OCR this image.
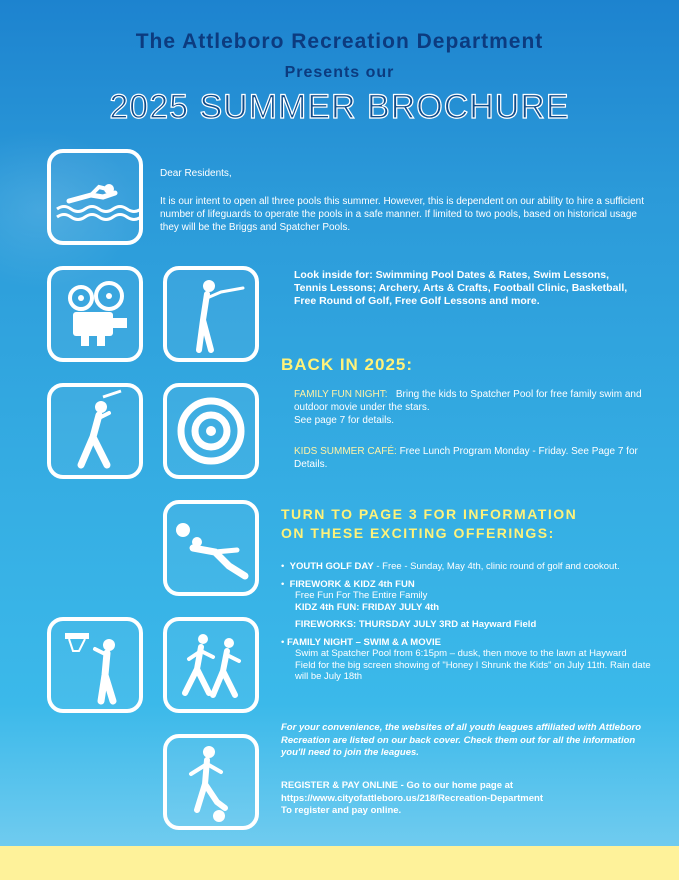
The Attleboro Recreation Department
Presents our
2025 SUMMER BROCHURE
Dear Residents,
It is our intent to open all three pools this summer. However, this is dependent on our ability to hire a sufficient number of lifeguards to operate the pools in a safe manner. If limited to two pools, based on historical usage they will be the Briggs and Spatcher Pools.
Look inside for: Swimming Pool Dates & Rates, Swim Lessons, Tennis Lessons; Archery, Arts & Crafts, Football Clinic, Basketball, Free Round of Golf, Free Golf Lessons and more.
BACK IN 2025:
FAMILY FUN NIGHT: Bring the kids to Spatcher Pool for free family swim and outdoor movie under the stars.
See page 7 for details.
KIDS SUMMER CAFÉ: Free Lunch Program Monday - Friday. See Page 7 for Details.
TURN TO PAGE 3 FOR INFORMATION
ON THESE EXCITING OFFERINGS:
•  YOUTH GOLF DAY - Free - Sunday, May 4th, clinic round of golf and cookout.
•  FIREWORK & KIDZ 4th FUN
Free Fun For The Entire Family
KIDZ 4th FUN: FRIDAY JULY 4th
FIREWORKS: THURSDAY JULY 3RD at Hayward Field
• FAMILY NIGHT – SWIM & A MOVIE
Swim at Spatcher Pool from 6:15pm – dusk, then move to the lawn at Hayward
Field for the big screen showing of "Honey I Shrunk the Kids" on July 11th. Rain date will be July 18th
For your convenience, the websites of all youth leagues affiliated with Attleboro Recreation are listed on our back cover. Check them out for all the information you'll need to join the leagues.
REGISTER & PAY ONLINE - Go to our home page at
https://www.cityofattleboro.us/218/Recreation-Department
To register and pay online.
